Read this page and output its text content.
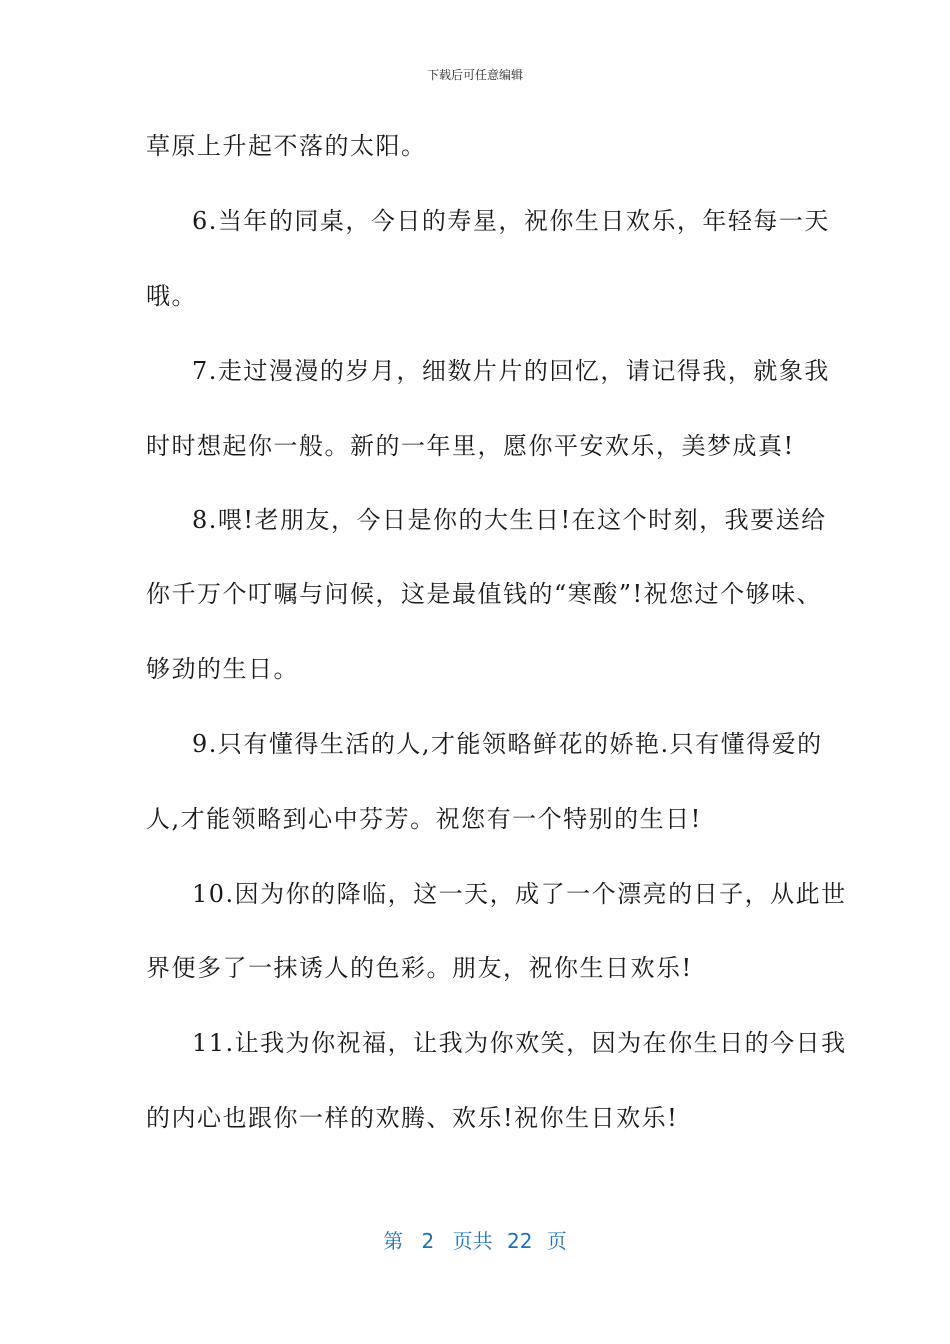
下载后可任意编辑
草原上升起不落的太阳。
6.当年的同桌，今日的寿星，祝你生日欢乐，年轻每一天
哦。
7.走过漫漫的岁月，细数片片的回忆，请记得我，就象我
时时想起你一般。新的一年里，愿你平安欢乐，美梦成真!
8.喂!老朋友，今日是你的大生日!在这个时刻，我要送给
你千万个叮嘱与问候，这是最值钱的“寒酸”!祝您过个够味、
够劲的生日。
9.只有懂得生活的人,才能领略鲜花的娇艳.只有懂得爱的
人,才能领略到心中芬芳。祝您有一个特别的生日!
10.因为你的降临，这一天，成了一个漂亮的日子，从此世
界便多了一抹诱人的色彩。朋友，祝你生日欢乐!
11.让我为你祝福，让我为你欢笑，因为在你生日的今日我
的内心也跟你一样的欢腾、欢乐!祝你生日欢乐!
第 2 页共 22 页
